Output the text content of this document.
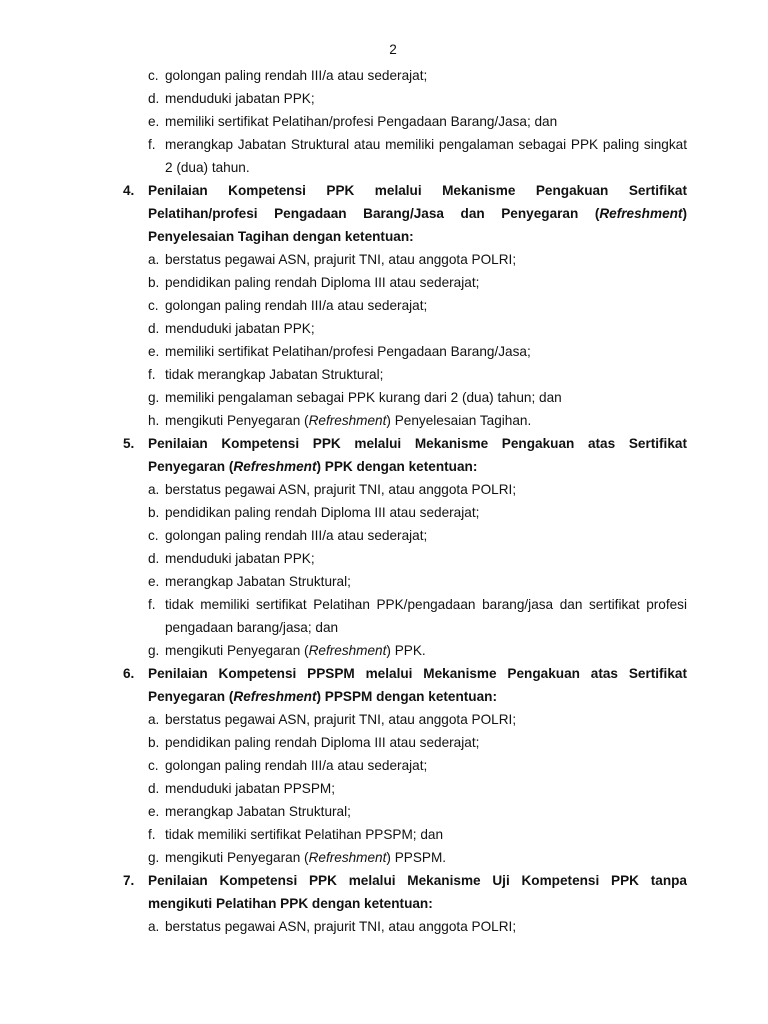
2
c. golongan paling rendah III/a atau sederajat;
d. menduduki jabatan PPK;
e. memiliki sertifikat Pelatihan/profesi Pengadaan Barang/Jasa; dan
f. merangkap Jabatan Struktural atau memiliki pengalaman sebagai PPK paling singkat 2 (dua) tahun.
4.	Penilaian Kompetensi PPK melalui Mekanisme Pengakuan Sertifikat Pelatihan/profesi Pengadaan Barang/Jasa dan Penyegaran (Refreshment) Penyelesaian Tagihan dengan ketentuan:
a. berstatus pegawai ASN, prajurit TNI, atau anggota POLRI;
b. pendidikan paling rendah Diploma III atau sederajat;
c. golongan paling rendah III/a atau sederajat;
d. menduduki jabatan PPK;
e. memiliki sertifikat Pelatihan/profesi Pengadaan Barang/Jasa;
f. tidak merangkap Jabatan Struktural;
g. memiliki pengalaman sebagai PPK kurang dari 2 (dua) tahun; dan
h. mengikuti Penyegaran (Refreshment) Penyelesaian Tagihan.
5.	Penilaian Kompetensi PPK melalui Mekanisme Pengakuan atas Sertifikat Penyegaran (Refreshment) PPK dengan ketentuan:
a. berstatus pegawai ASN, prajurit TNI, atau anggota POLRI;
b. pendidikan paling rendah Diploma III atau sederajat;
c. golongan paling rendah III/a atau sederajat;
d. menduduki jabatan PPK;
e. merangkap Jabatan Struktural;
f. tidak memiliki sertifikat Pelatihan PPK/pengadaan barang/jasa dan sertifikat profesi pengadaan barang/jasa; dan
g. mengikuti Penyegaran (Refreshment) PPK.
6.	Penilaian Kompetensi PPSPM melalui Mekanisme Pengakuan atas Sertifikat Penyegaran (Refreshment) PPSPM dengan ketentuan:
a. berstatus pegawai ASN, prajurit TNI, atau anggota POLRI;
b. pendidikan paling rendah Diploma III atau sederajat;
c. golongan paling rendah III/a atau sederajat;
d. menduduki jabatan PPSPM;
e. merangkap Jabatan Struktural;
f. tidak memiliki sertifikat Pelatihan PPSPM; dan
g. mengikuti Penyegaran (Refreshment) PPSPM.
7.	Penilaian Kompetensi PPK melalui Mekanisme Uji Kompetensi PPK tanpa mengikuti Pelatihan PPK dengan ketentuan:
a. berstatus pegawai ASN, prajurit TNI, atau anggota POLRI;
